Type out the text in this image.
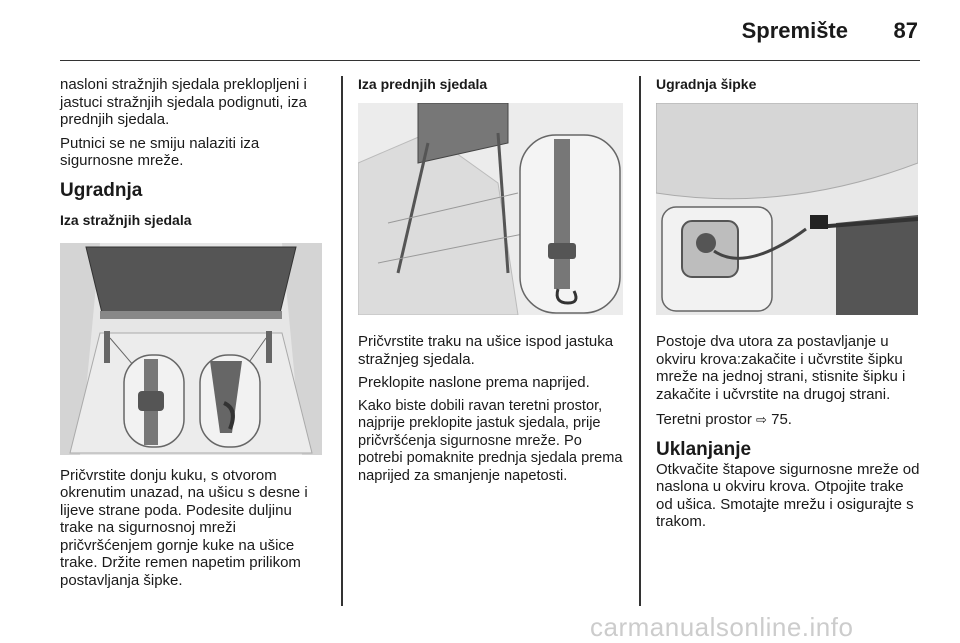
Spremište 87

nasloni stražnjih sjedala preklopljeni i jastuci stražnjih sjedala podignuti, iza prednjih sjedala.

Putnici se ne smiju nalaziti iza sigurnosne mreže.

Ugradnja
Iza stražnjih sjedala

Pričvrstite donju kuku, s otvorom okrenutim unazad, na ušicu s desne i lijeve strane poda. Podesite duljinu trake na sigurnosnoj mreži pričvršćenjem gornje kuke na ušice trake. Držite remen napetim prilikom postavljanja šipke.

Iza prednjih sjedala

Pričvrstite traku na ušice ispod jastuka stražnjeg sjedala.

Preklopite naslone prema naprijed.

Kako biste dobili ravan teretni prostor, najprije preklopite jastuk sjedala, prije pričvršćenja sigurnosne mreže. Po potrebi pomaknite prednja sjedala prema naprijed za smanjenje napetosti.

Ugradnja šipke

Postoje dva utora za postavljanje u okviru krova:zakačite i učvrstite šipku mreže na jednoj strani, stisnite šipku i zakačite i učvrstite na drugoj strani.

Teretni prostor ⇨ 75.

Uklanjanje

Otkvačite štapove sigurnosne mreže od naslona u okviru krova. Otpojite trake od ušica. Smotajte mrežu i osigurajte s trakom.

carmanualsonline.info
